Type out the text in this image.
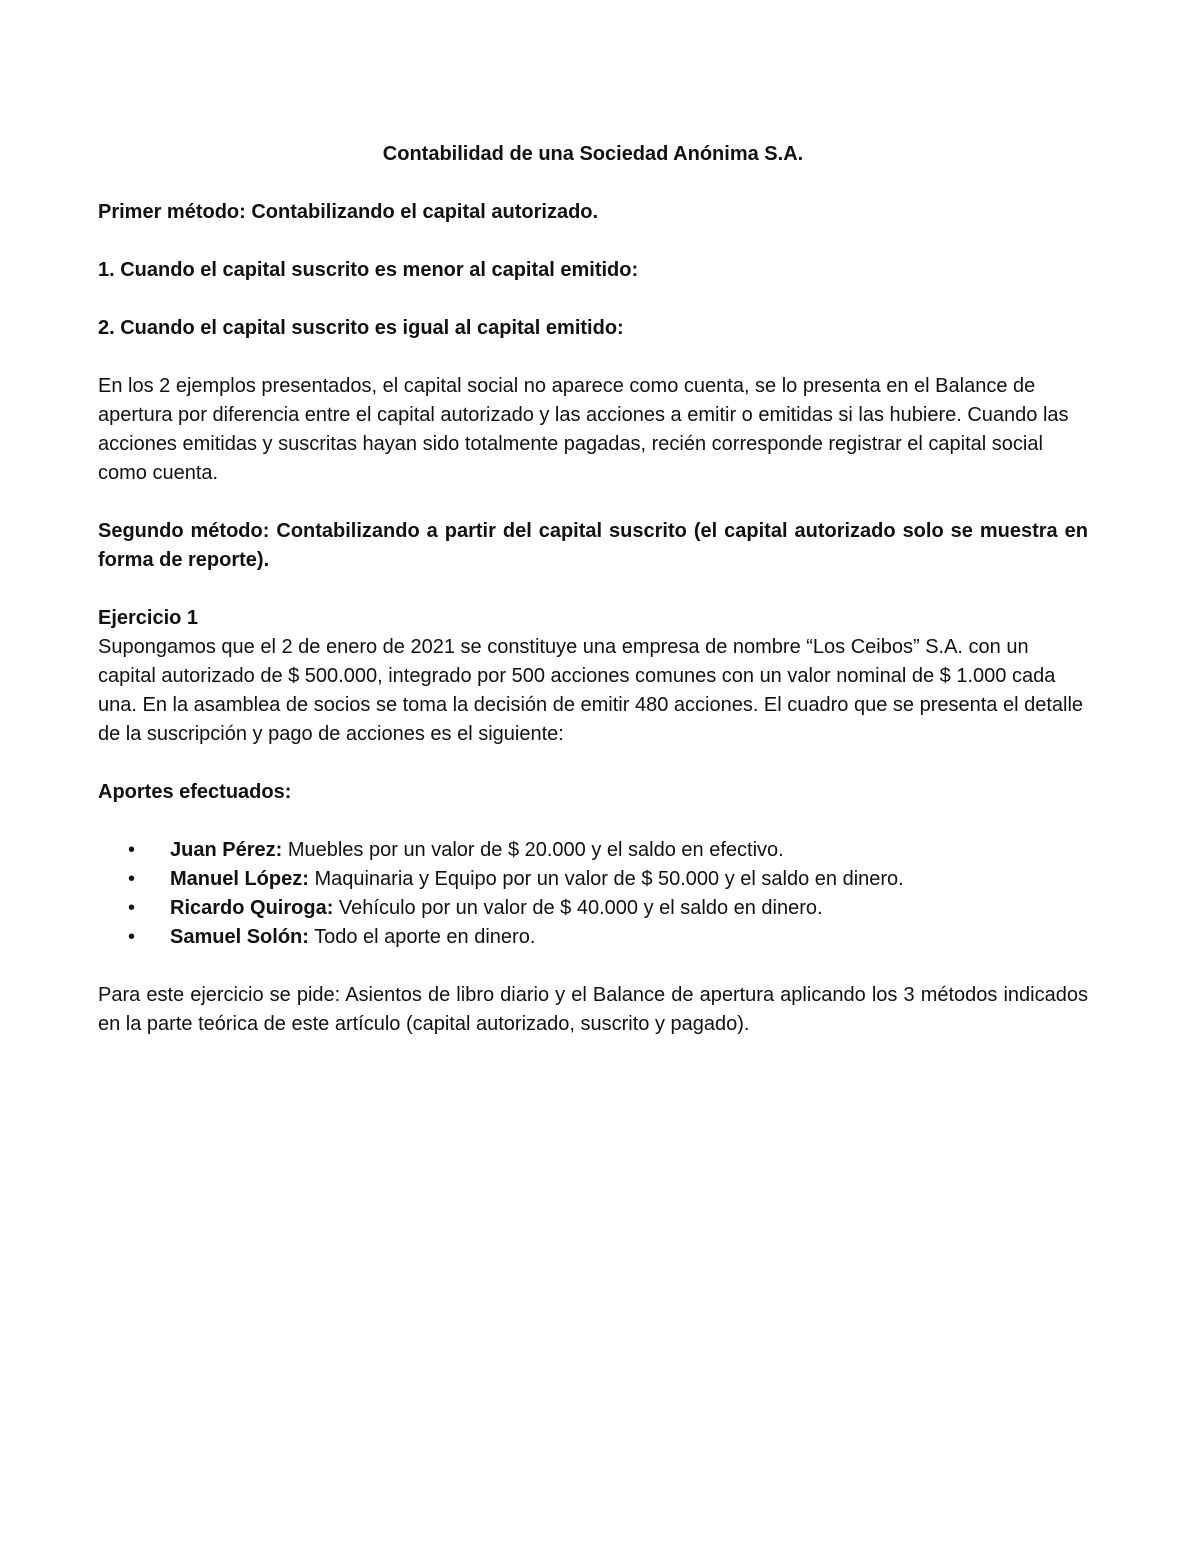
Contabilidad de una Sociedad Anónima S.A.

Primer método: Contabilizando el capital autorizado.

1. Cuando el capital suscrito es menor al capital emitido:

2. Cuando el capital suscrito es igual al capital emitido:

En los 2 ejemplos presentados, el capital social no aparece como cuenta, se lo presenta en el Balance de apertura por diferencia entre el capital autorizado y las acciones a emitir o emitidas si las hubiere. Cuando las acciones emitidas y suscritas hayan sido totalmente pagadas, recién corresponde registrar el capital social como cuenta.

Segundo método: Contabilizando a partir del capital suscrito (el capital autorizado solo se muestra en forma de reporte).

Ejercicio 1

Supongamos que el 2 de enero de 2021 se constituye una empresa de nombre “Los Ceibos” S.A. con un capital autorizado de $ 500.000, integrado por 500 acciones comunes con un valor nominal de $ 1.000 cada una. En la asamblea de socios se toma la decisión de emitir 480 acciones. El cuadro que se presenta el detalle de la suscripción y pago de acciones es el siguiente:

Aportes efectuados:

• Juan Pérez: Muebles por un valor de $ 20.000 y el saldo en efectivo.
• Manuel López: Maquinaria y Equipo por un valor de $ 50.000 y el saldo en dinero.
• Ricardo Quiroga: Vehículo por un valor de $ 40.000 y el saldo en dinero.
• Samuel Solón: Todo el aporte en dinero.

Para este ejercicio se pide: Asientos de libro diario y el Balance de apertura aplicando los 3 métodos indicados en la parte teórica de este artículo (capital autorizado, suscrito y pagado).
